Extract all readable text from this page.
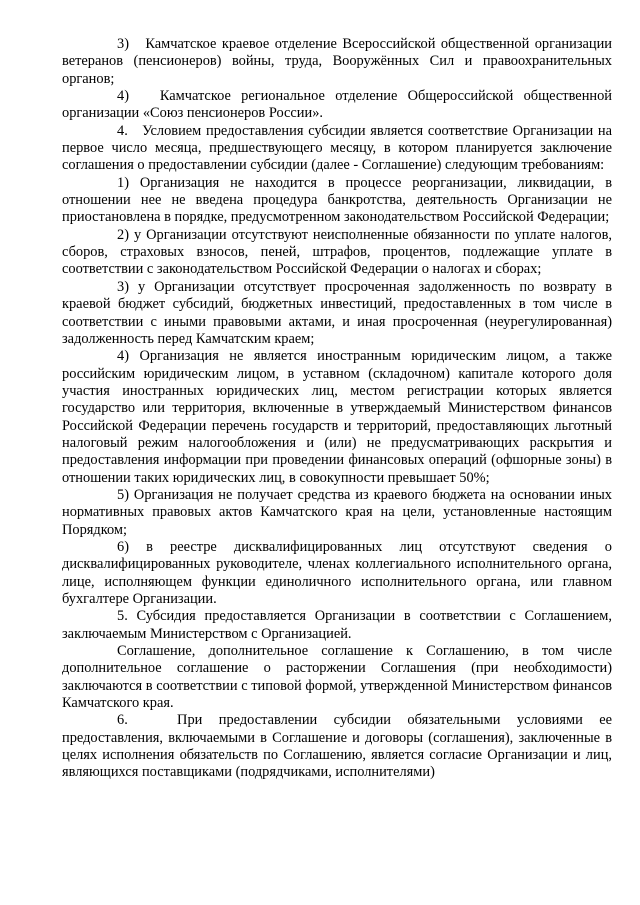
3)   Камчатское краевое отделение Всероссийской общественной организации ветеранов (пенсионеров) войны, труда, Вооружённых Сил и правоохранительных органов;

4)   Камчатское региональное отделение Общероссийской общественной организации «Союз пенсионеров России».

4.   Условием предоставления субсидии является соответствие Организации на первое число месяца, предшествующего месяцу, в котором планируется заключение соглашения о предоставлении субсидии (далее - Соглашение) следующим требованиям:

1) Организация не находится в процессе реорганизации, ликвидации, в отношении нее не введена процедура банкротства, деятельность Организации не приостановлена в порядке, предусмотренном законодательством Российской Федерации;

2) у Организации отсутствуют неисполненные обязанности по уплате налогов, сборов, страховых взносов, пеней, штрафов, процентов, подлежащие уплате в соответствии с законодательством Российской Федерации о налогах и сборах;

3) у Организации отсутствует просроченная задолженность по возврату в краевой бюджет субсидий, бюджетных инвестиций, предоставленных в том числе в соответствии с иными правовыми актами, и иная просроченная (неурегулированная) задолженность перед Камчатским краем;

4) Организация не является иностранным юридическим лицом, а также российским юридическим лицом, в уставном (складочном) капитале которого доля участия иностранных юридических лиц, местом регистрации которых является государство или территория, включенные в утверждаемый Министерством финансов Российской Федерации перечень государств и территорий, предоставляющих льготный налоговый режим налогообложения и (или) не предусматривающих раскрытия и предоставления информации при проведении финансовых операций (офшорные зоны) в отношении таких юридических лиц, в совокупности превышает 50%;

5) Организация не получает средства из краевого бюджета на основании иных нормативных правовых актов Камчатского края на цели, установленные настоящим Порядком;

6) в реестре дисквалифицированных лиц отсутствуют сведения о дисквалифицированных руководителе, членах коллегиального исполнительного органа, лице, исполняющем функции единоличного исполнительного органа, или главном бухгалтере Организации.

5. Субсидия предоставляется Организации в соответствии с Соглашением, заключаемым Министерством с Организацией.

Соглашение, дополнительное соглашение к Соглашению, в том числе дополнительное соглашение о расторжении Соглашения (при необходимости) заключаются в соответствии с типовой формой, утвержденной Министерством финансов Камчатского края.

6.   При предоставлении субсидии обязательными условиями ее предоставления, включаемыми в Соглашение и договоры (соглашения), заключенные в целях исполнения обязательств по Соглашению, является согласие Организации и лиц, являющихся поставщиками (подрядчиками, исполнителями)
